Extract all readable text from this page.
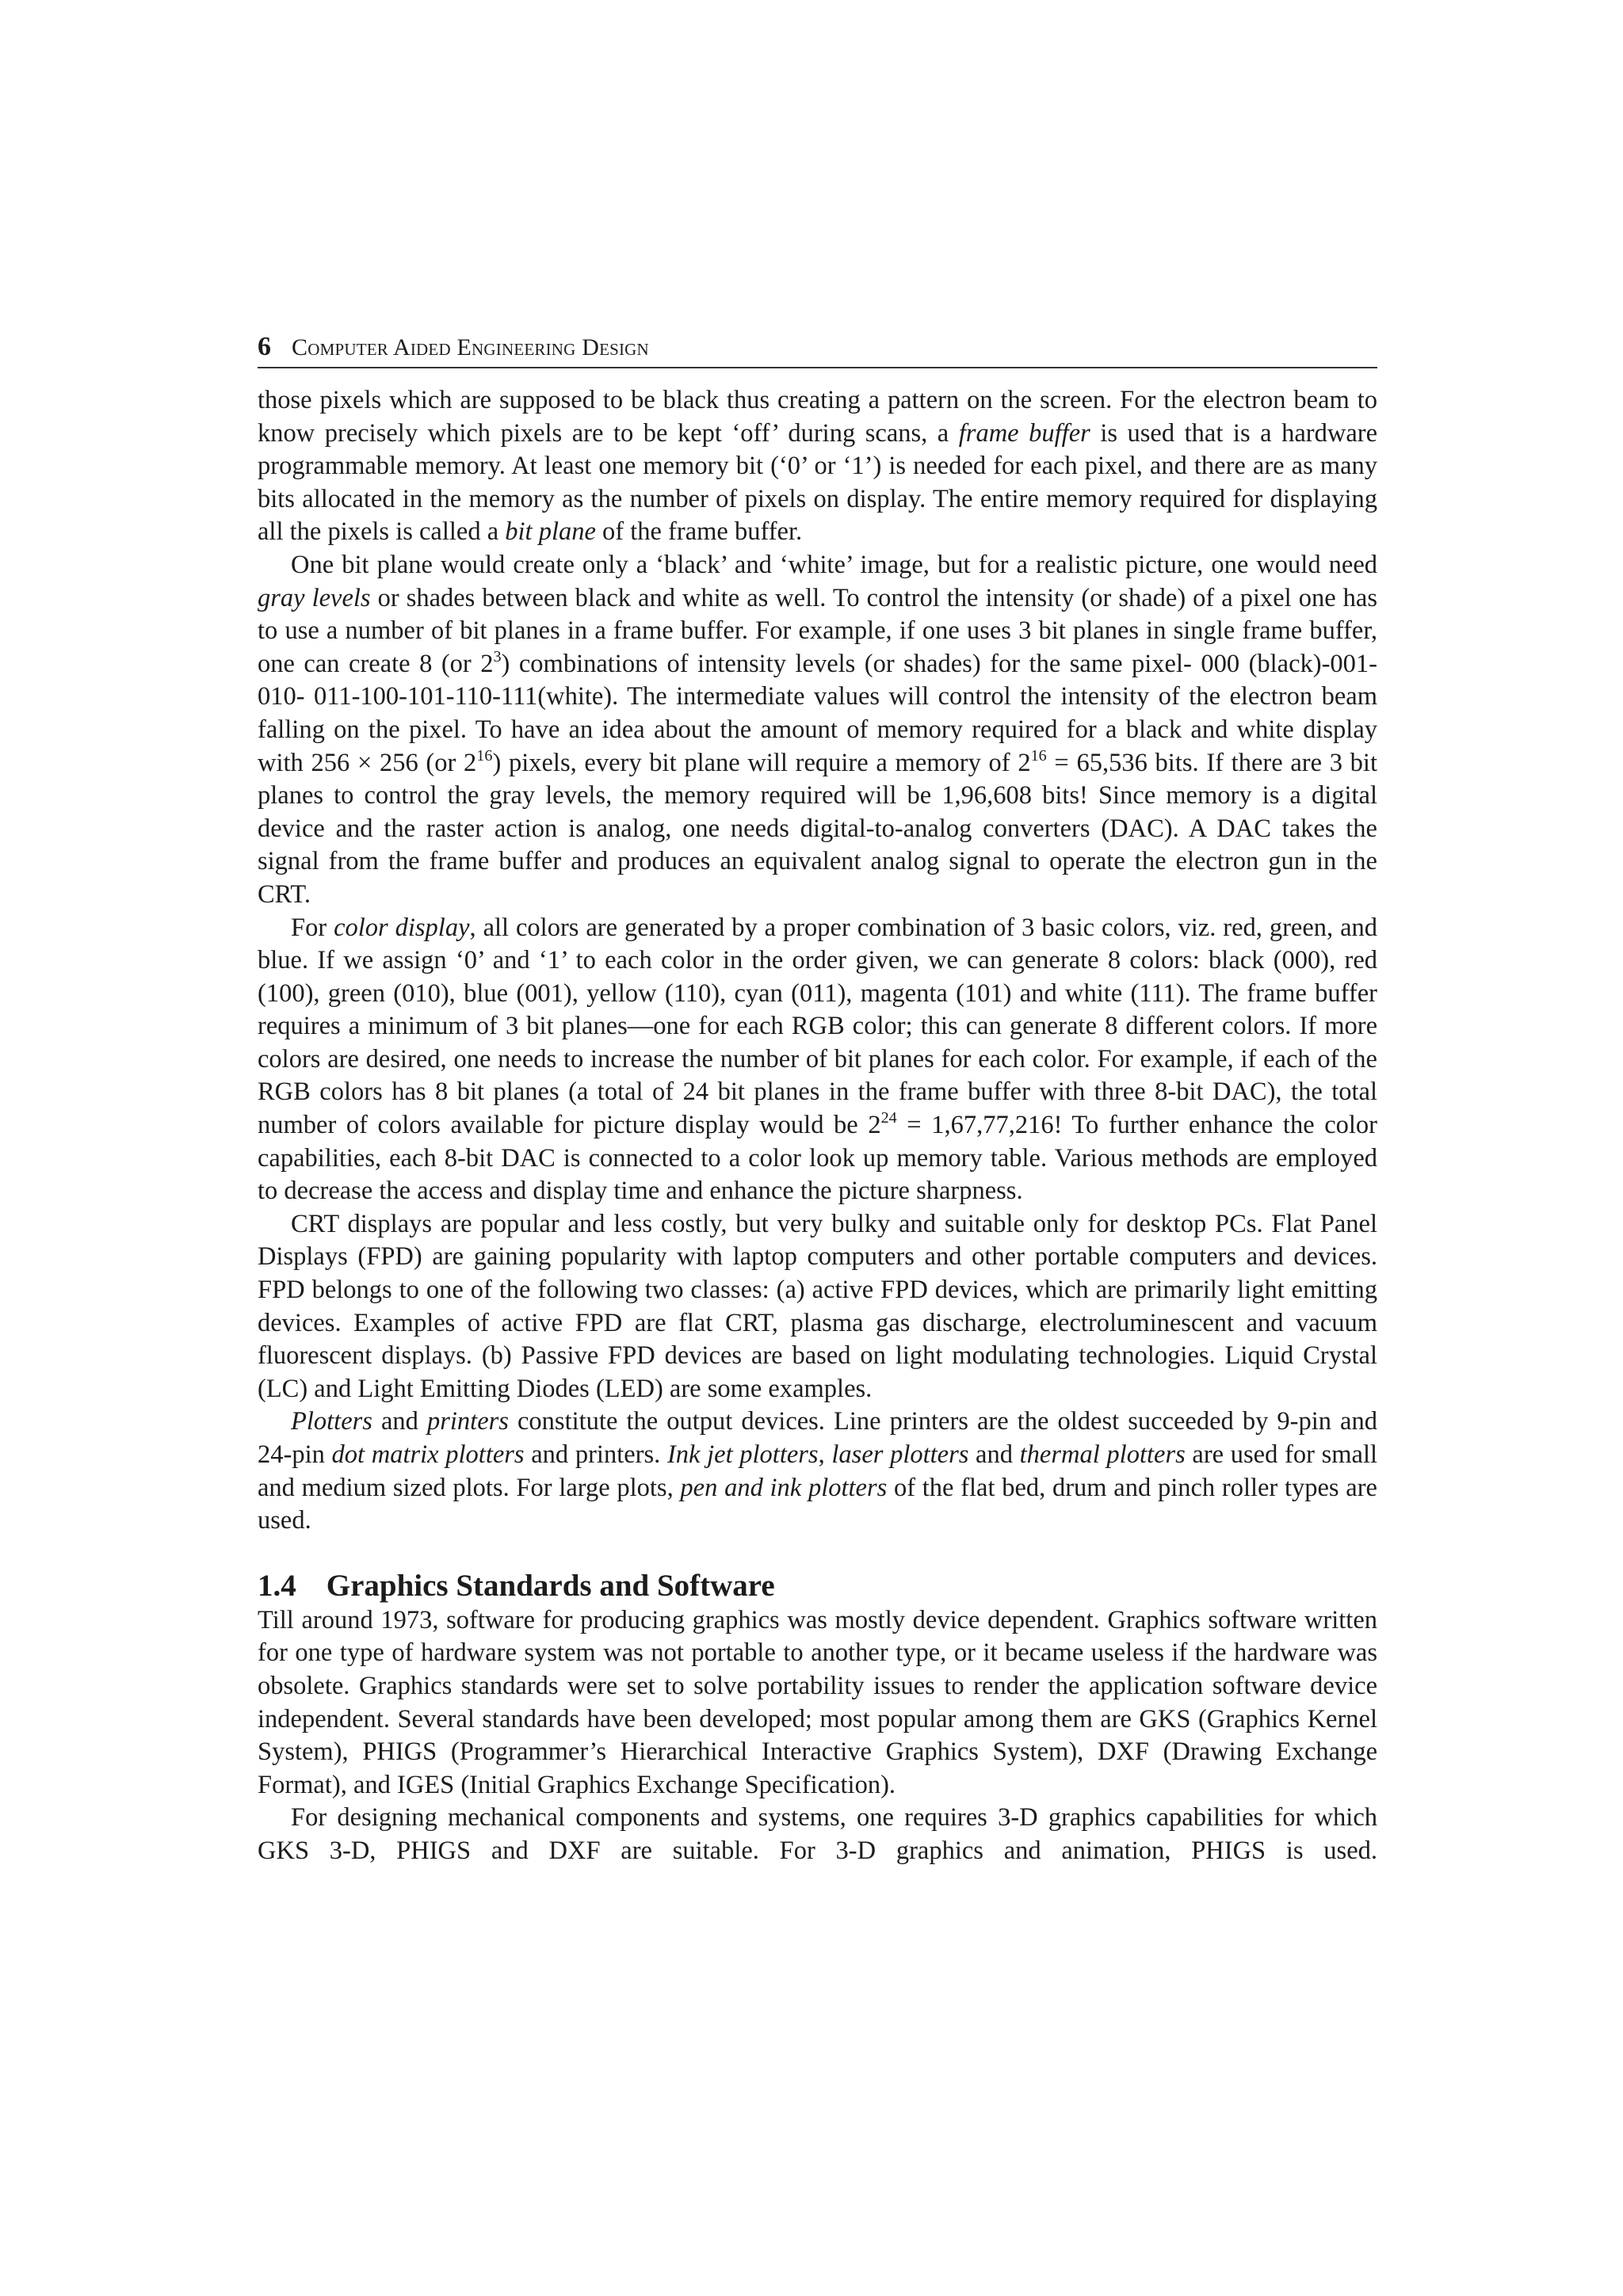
6 Computer Aided Engineering Design

those pixels which are supposed to be black thus creating a pattern on the screen. For the electron beam to know precisely which pixels are to be kept ‘off’ during scans, a frame buffer is used that is a hardware programmable memory. At least one memory bit (‘0’ or ‘1’) is needed for each pixel, and there are as many bits allocated in the memory as the number of pixels on display. The entire memory required for displaying all the pixels is called a bit plane of the frame buffer.

One bit plane would create only a ‘black’ and ‘white’ image, but for a realistic picture, one would need gray levels or shades between black and white as well. To control the intensity (or shade) of a pixel one has to use a number of bit planes in a frame buffer. For example, if one uses 3 bit planes in single frame buffer, one can create 8 (or $2^3$) combinations of intensity levels (or shades) for the same pixel- 000 (black)-001-010- 011-100-101-110-111(white). The intermediate values will control the intensity of the electron beam falling on the pixel. To have an idea about the amount of memory required for a black and white display with 256 × 256 (or $2^{16}$) pixels, every bit plane will require a memory of $2^{16} = 65,536$ bits. If there are 3 bit planes to control the gray levels, the memory required will be 1,96,608 bits! Since memory is a digital device and the raster action is analog, one needs digital-to-analog converters (DAC). A DAC takes the signal from the frame buffer and produces an equivalent analog signal to operate the electron gun in the CRT.

For color display, all colors are generated by a proper combination of 3 basic colors, viz. red, green, and blue. If we assign ‘0’ and ‘1’ to each color in the order given, we can generate 8 colors: black (000), red (100), green (010), blue (001), yellow (110), cyan (011), magenta (101) and white (111). The frame buffer requires a minimum of 3 bit planes—one for each RGB color; this can generate 8 different colors. If more colors are desired, one needs to increase the number of bit planes for each color. For example, if each of the RGB colors has 8 bit planes (a total of 24 bit planes in the frame buffer with three 8-bit DAC), the total number of colors available for picture display would be $2^{24} = 1,67,77,216$! To further enhance the color capabilities, each 8-bit DAC is connected to a color look up memory table. Various methods are employed to decrease the access and display time and enhance the picture sharpness.

CRT displays are popular and less costly, but very bulky and suitable only for desktop PCs. Flat Panel Displays (FPD) are gaining popularity with laptop computers and other portable computers and devices. FPD belongs to one of the following two classes: (a) active FPD devices, which are primarily light emitting devices. Examples of active FPD are flat CRT, plasma gas discharge, electroluminescent and vacuum fluorescent displays. (b) Passive FPD devices are based on light modulating technologies. Liquid Crystal (LC) and Light Emitting Diodes (LED) are some examples.

Plotters and printers constitute the output devices. Line printers are the oldest succeeded by 9-pin and 24-pin dot matrix plotters and printers. Ink jet plotters, laser plotters and thermal plotters are used for small and medium sized plots. For large plots, pen and ink plotters of the flat bed, drum and pinch roller types are used.

1.4 Graphics Standards and Software

Till around 1973, software for producing graphics was mostly device dependent. Graphics software written for one type of hardware system was not portable to another type, or it became useless if the hardware was obsolete. Graphics standards were set to solve portability issues to render the application software device independent. Several standards have been developed; most popular among them are GKS (Graphics Kernel System), PHIGS (Programmer’s Hierarchical Interactive Graphics System), DXF (Drawing Exchange Format), and IGES (Initial Graphics Exchange Specification).

For designing mechanical components and systems, one requires 3-D graphics capabilities for which GKS 3-D, PHIGS and DXF are suitable. For 3-D graphics and animation, PHIGS is used.
